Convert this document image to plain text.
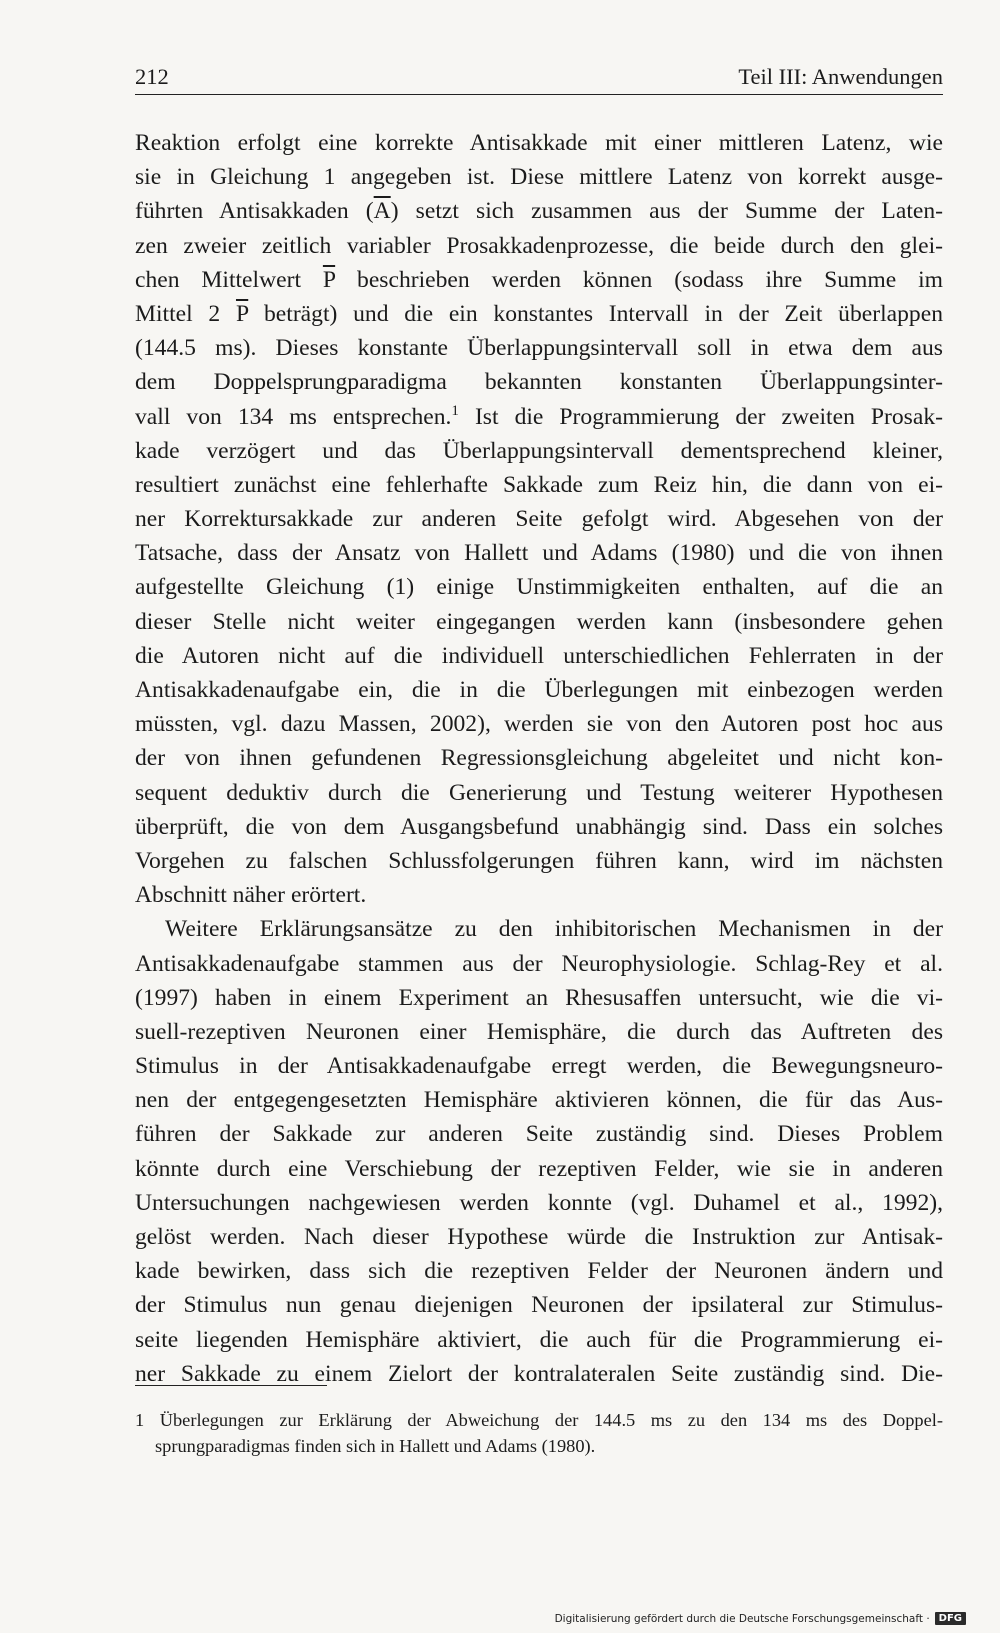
212	Teil III: Anwendungen
Reaktion erfolgt eine korrekte Antisakkade mit einer mittleren Latenz, wie
sie in Gleichung 1 angegeben ist. Diese mittlere Latenz von korrekt ausge-
führten Antisakkaden $(\overline{A})$ setzt sich zusammen aus der Summe der Laten-
zen zweier zeitlich variabler Prosakkadenprozesse, die beide durch den glei-
chen Mittelwert $\overline{P}$ beschrieben werden können (sodass ihre Summe im
Mittel 2 $\overline{P}$ beträgt) und die ein konstantes Intervall in der Zeit überlappen
(144.5 ms). Dieses konstante Überlappungsintervall soll in etwa dem aus
dem Doppelsprungparadigma bekannten konstanten Überlappungsinter-
vall von 134 ms entsprechen.$^1$ Ist die Programmierung der zweiten Prosak-
kade verzögert und das Überlappungsintervall dementsprechend kleiner,
resultiert zunächst eine fehlerhafte Sakkade zum Reiz hin, die dann von ei-
ner Korrektursakkade zur anderen Seite gefolgt wird. Abgesehen von der
Tatsache, dass der Ansatz von Hallett und Adams (1980) und die von ihnen
aufgestellte Gleichung (1) einige Unstimmigkeiten enthalten, auf die an
dieser Stelle nicht weiter eingegangen werden kann (insbesondere gehen
die Autoren nicht auf die individuell unterschiedlichen Fehlerraten in der
Antisakkadenaufgabe ein, die in die Überlegungen mit einbezogen werden
müssten, vgl. dazu Massen, 2002), werden sie von den Autoren post hoc aus
der von ihnen gefundenen Regressionsgleichung abgeleitet und nicht kon-
sequent deduktiv durch die Generierung und Testung weiterer Hypothesen
überprüft, die von dem Ausgangsbefund unabhängig sind. Dass ein solches
Vorgehen zu falschen Schlussfolgerungen führen kann, wird im nächsten
Abschnitt näher erörtert.
Weitere Erklärungsansätze zu den inhibitorischen Mechanismen in der
Antisakkadenaufgabe stammen aus der Neurophysiologie. Schlag-Rey et al.
(1997) haben in einem Experiment an Rhesusaffen untersucht, wie die vi-
suell-rezeptiven Neuronen einer Hemisphäre, die durch das Auftreten des
Stimulus in der Antisakkadenaufgabe erregt werden, die Bewegungsneuro-
nen der entgegengesetzten Hemisphäre aktivieren können, die für das Aus-
führen der Sakkade zur anderen Seite zuständig sind. Dieses Problem
könnte durch eine Verschiebung der rezeptiven Felder, wie sie in anderen
Untersuchungen nachgewiesen werden konnte (vgl. Duhamel et al., 1992),
gelöst werden. Nach dieser Hypothese würde die Instruktion zur Antisak-
kade bewirken, dass sich die rezeptiven Felder der Neuronen ändern und
der Stimulus nun genau diejenigen Neuronen der ipsilateral zur Stimulus-
seite liegenden Hemisphäre aktiviert, die auch für die Programmierung ei-
ner Sakkade zu einem Zielort der kontralateralen Seite zuständig sind. Die-
1 Überlegungen zur Erklärung der Abweichung der 144.5 ms zu den 134 ms des Doppel-
sprungparadigmas finden sich in Hallett und Adams (1980).
Digitalisierung gefördert durch die Deutsche Forschungsgemeinschaft · DFG
